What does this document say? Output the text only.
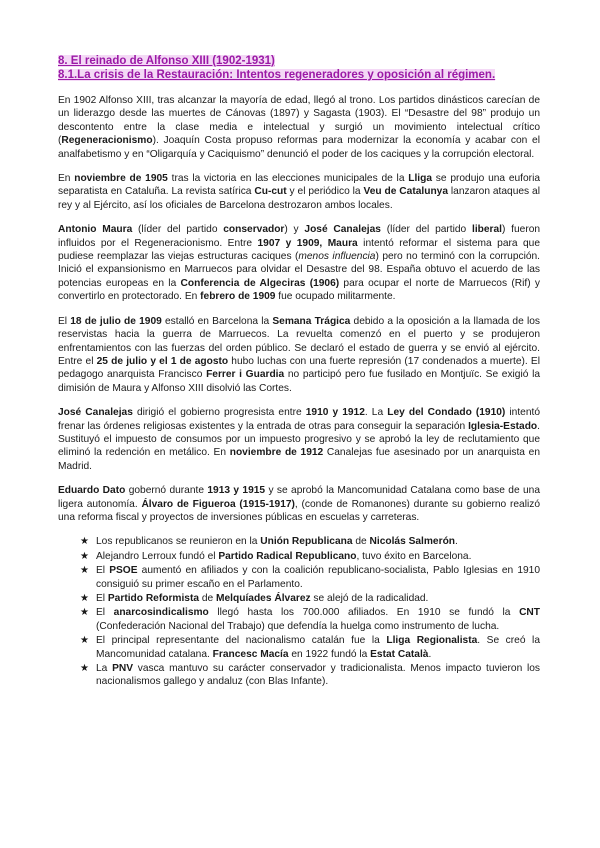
8. El reinado de Alfonso XIII (1902-1931)
8.1.La crisis de la Restauración: Intentos regeneradores y oposición al régimen.

En 1902 Alfonso XIII, tras alcanzar la mayoría de edad, llegó al trono. Los partidos dinásticos carecían de un liderazgo desde las muertes de Cánovas (1897) y Sagasta (1903). El “Desastre del 98” produjo un descontento entre la clase media e intelectual y surgió un movimiento intelectual crítico (Regeneracionismo). Joaquín Costa propuso reformas para modernizar la economía y acabar con el analfabetismo y en “Oligarquía y Caciquismo” denunció el poder de los caciques y la corrupción electoral.

En noviembre de 1905 tras la victoria en las elecciones municipales de la Lliga se produjo una euforia separatista en Cataluña. La revista satírica Cu-cut y el periódico la Veu de Catalunya lanzaron ataques al rey y al Ejército, así los oficiales de Barcelona destrozaron ambos locales.

Antonio Maura (líder del partido conservador) y José Canalejas (líder del partido liberal) fueron influidos por el Regeneracionismo. Entre 1907 y 1909, Maura intentó reformar el sistema para que pudiese reemplazar las viejas estructuras caciques (menos influencia) pero no terminó con la corrupción. Inició el expansionismo en Marruecos para olvidar el Desastre del 98. España obtuvo el acuerdo de las potencias europeas en la Conferencia de Algeciras (1906) para ocupar el norte de Marruecos (Rif) y convertirlo en protectorado. En febrero de 1909 fue ocupado militarmente.

El 18 de julio de 1909 estalló en Barcelona la Semana Trágica debido a la oposición a la llamada de los reservistas hacia la guerra de Marruecos. La revuelta comenzó en el puerto y se produjeron enfrentamientos con las fuerzas del orden público. Se declaró el estado de guerra y se envió al ejército. Entre el 25 de julio y el 1 de agosto hubo luchas con una fuerte represión (17 condenados a muerte). El pedagogo anarquista Francisco Ferrer i Guardia no participó pero fue fusilado en Montjuïc. Se exigió la dimisión de Maura y Alfonso XIII disolvió las Cortes.

José Canalejas dirigió el gobierno progresista entre 1910 y 1912. La Ley del Condado (1910) intentó frenar las órdenes religiosas existentes y la entrada de otras para conseguir la separación Iglesia-Estado. Sustituyó el impuesto de consumos por un impuesto progresivo y se aprobó la ley de reclutamiento que eliminó la redención en metálico. En noviembre de 1912 Canalejas fue asesinado por un anarquista en Madrid.

Eduardo Dato gobernó durante 1913 y 1915 y se aprobó la Mancomunidad Catalana como base de una ligera autonomía. Álvaro de Figueroa (1915-1917), (conde de Romanones) durante su gobierno realizó una reforma fiscal y proyectos de inversiones públicas en escuelas y carreteras.

★ Los republicanos se reunieron en la Unión Republicana de Nicolás Salmerón.
★ Alejandro Lerroux fundó el Partido Radical Republicano, tuvo éxito en Barcelona.
★ El PSOE aumentó en afiliados y con la coalición republicano-socialista, Pablo Iglesias en 1910 consiguió su primer escaño en el Parlamento.
★ El Partido Reformista de Melquíades Álvarez se alejó de la radicalidad.
★ El anarcosindicalismo llegó hasta los 700.000 afiliados. En 1910 se fundó la CNT (Confederación Nacional del Trabajo) que defendía la huelga como instrumento de lucha.
★ El principal representante del nacionalismo catalán fue la Lliga Regionalista. Se creó la Mancomunidad catalana. Francesc Macía en 1922 fundó la Estat Català.
★ La PNV vasca mantuvo su carácter conservador y tradicionalista. Menos impacto tuvieron los nacionalismos gallego y andaluz (con Blas Infante).
